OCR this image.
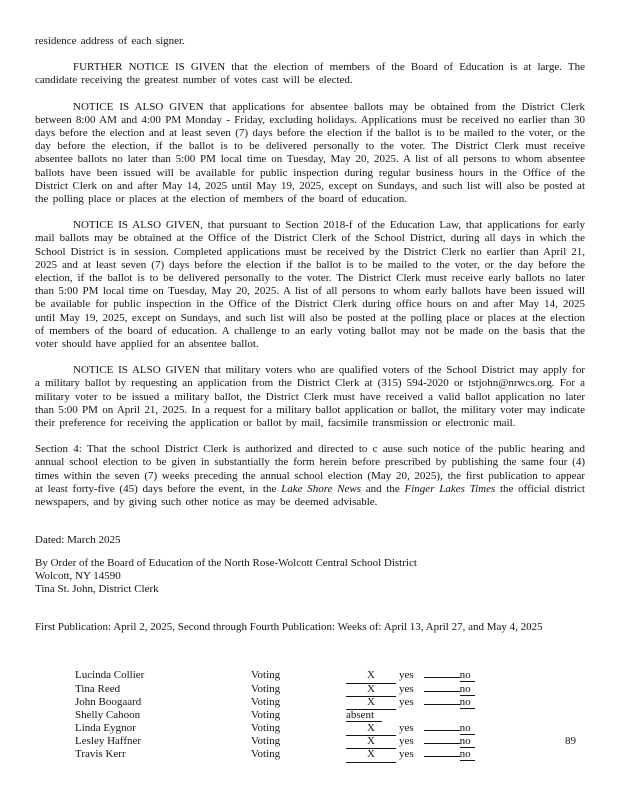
residence address of each signer.

FURTHER NOTICE IS GIVEN that the election of members of the Board of Education is at large. The candidate receiving the greatest number of votes cast will be elected.

NOTICE IS ALSO GIVEN that applications for absentee ballots may be obtained from the District Clerk between 8:00 AM and 4:00 PM Monday - Friday, excluding holidays. Applications must be received no earlier than 30 days before the election and at least seven (7) days before the election if the ballot is to be mailed to the voter, or the day before the election, if the ballot is to be delivered personally to the voter. The District Clerk must receive absentee ballots no later than 5:00 PM local time on Tuesday, May 20, 2025. A list of all persons to whom absentee ballots have been issued will be available for public inspection during regular business hours in the Office of the District Clerk on and after May 14, 2025 until May 19, 2025, except on Sundays, and such list will also be posted at the polling place or places at the election of members of the board of education.

NOTICE IS ALSO GIVEN, that pursuant to Section 2018-f of the Education Law, that applications for early mail ballots may be obtained at the Office of the District Clerk of the School District, during all days in which the School District is in session. Completed applications must be received by the District Clerk no earlier than April 21, 2025 and at least seven (7) days before the election if the ballot is to be mailed to the voter, or the day before the election, if the ballot is to be delivered personally to the voter. The District Clerk must receive early ballots no later than 5:00 PM local time on Tuesday, May 20, 2025. A list of all persons to whom early ballots have been issued will be available for public inspection in the Office of the District Clerk during office hours on and after May 14, 2025 until May 19, 2025, except on Sundays, and such list will also be posted at the polling place or places at the election of members of the board of education. A challenge to an early voting ballot may not be made on the basis that the voter should have applied for an absentee ballot.

NOTICE IS ALSO GIVEN that military voters who are qualified voters of the School District may apply for a military ballot by requesting an application from the District Clerk at (315) 594-2020 or tstjohn@nrwcs.org. For a military voter to be issued a military ballot, the District Clerk must have received a valid ballot application no later than 5:00 PM on April 21, 2025. In a request for a military ballot application or ballot, the military voter may indicate their preference for receiving the application or ballot by mail, facsimile transmission or electronic mail.

Section 4: That the school District Clerk is authorized and directed to c ause such notice of the public hearing and annual school election to be given in substantially the form herein before prescribed by publishing the same four (4) times within the seven (7) weeks preceding the annual school election (May 20, 2025), the first publication to appear at least forty-five (45) days before the event, in the Lake Shore News and the Finger Lakes Times the official district newspapers, and by giving such other notice as may be deemed advisable.

Dated: March 2025

By Order of the Board of Education of the North Rose-Wolcott Central School District

Wolcott, NY 14590

Tina St. John, District Clerk

First Publication: April 2, 2025, Second through Fourth Publication: Weeks of: April 13, April 27, and May 4, 2025

Lucinda Collier	Voting	X yes	no
Tina Reed	Voting	X yes	no
John Boogaard	Voting	X yes	no
Shelly Cahoon	Voting	absent
Linda Eygnor	Voting	X yes	no
Lesley Haffner	Voting	X yes	no
Travis Kerr	Voting	X yes	no
89
